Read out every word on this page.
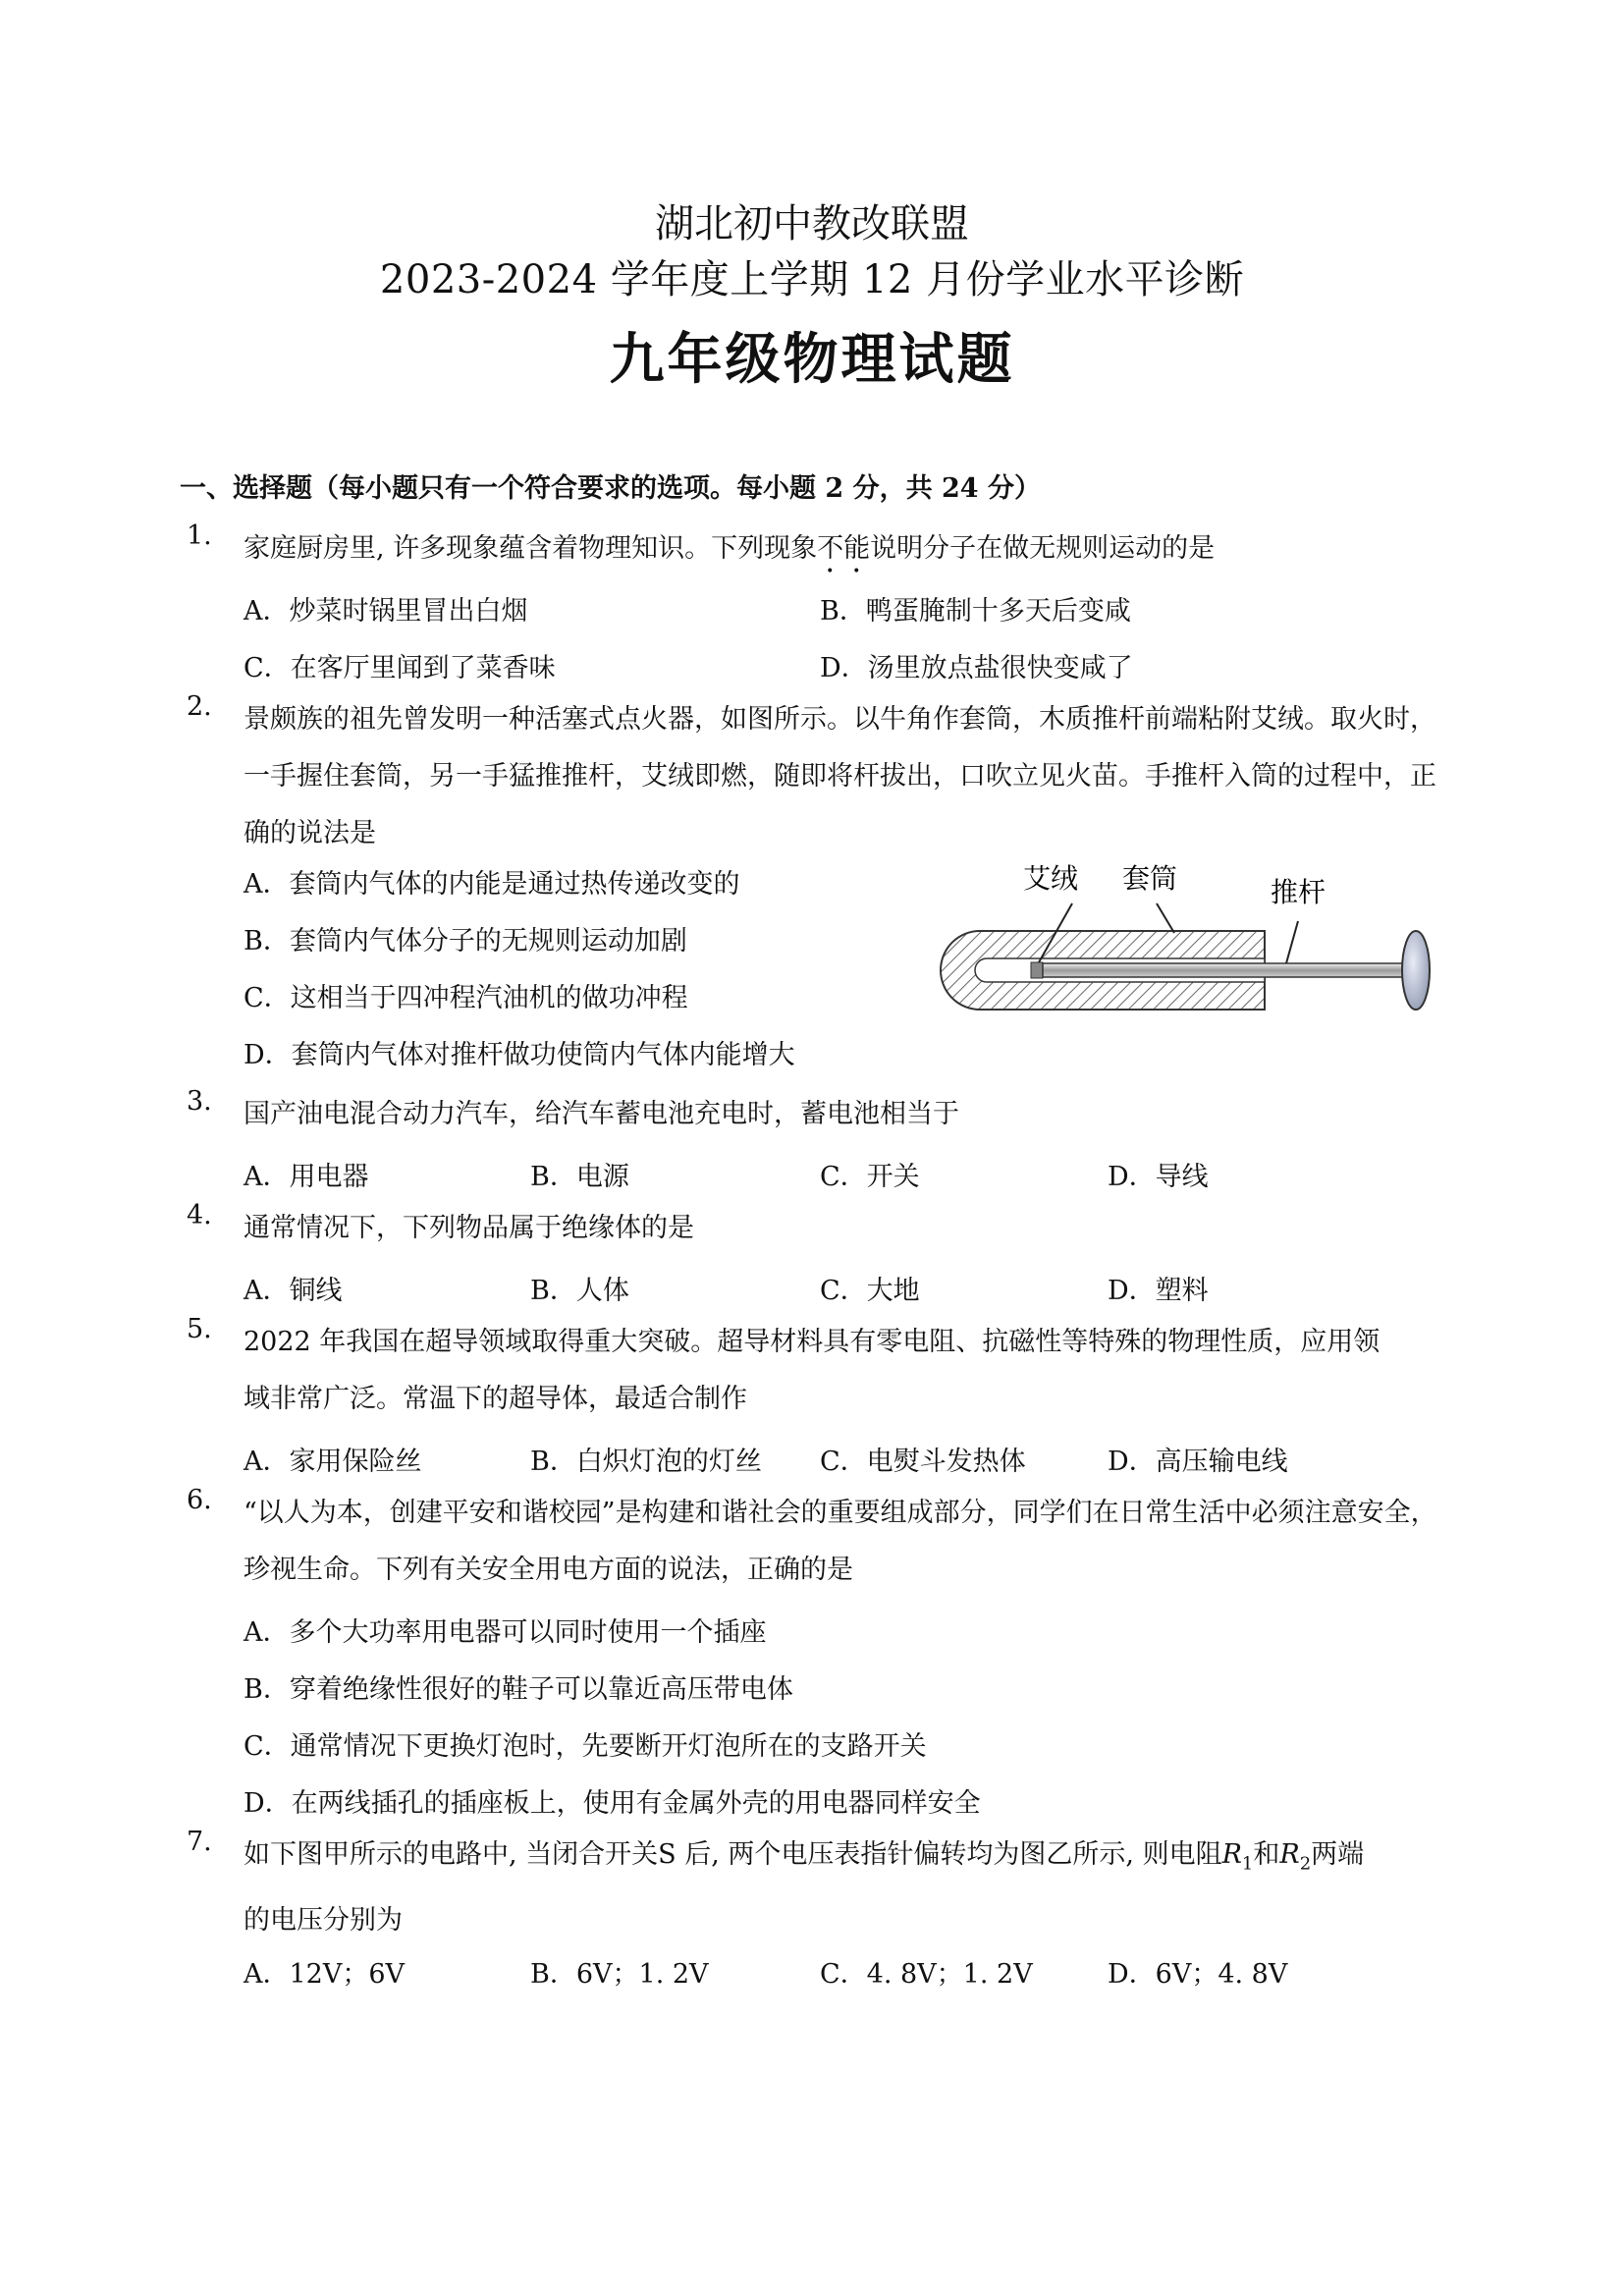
湖北初中教改联盟
2023-2024 学年度上学期 12 月份学业水平诊断
九年级物理试题
一、选择题（每小题只有一个符合要求的选项。每小题 2 分，共 24 分）
1.	家庭厨房里, 许多现象蕴含着物理知识。下列现象不能说明分子在做无规则运动的是
A．炒菜时锅里冒出白烟	B．鸭蛋腌制十多天后变咸
C．在客厅里闻到了菜香味	D．汤里放点盐很快变咸了
2.	景颇族的祖先曾发明一种活塞式点火器，如图所示。以牛角作套筒，木质推杆前端粘附艾绒。取火时，
一手握住套筒，另一手猛推推杆，艾绒即燃，随即将杆拔出，口吹立见火苗。手推杆入筒的过程中，正
确的说法是
A．套筒内气体的内能是通过热传递改变的
B．套筒内气体分子的无规则运动加剧
C．这相当于四冲程汽油机的做功冲程
D．套筒内气体对推杆做功使筒内气体内能增大
艾绒 套筒	推杆
3.	国产油电混合动力汽车，给汽车蓄电池充电时，蓄电池相当于
A．用电器	B．电源	C．开关	D．导线
4.	通常情况下，下列物品属于绝缘体的是
A．铜线	B．人体	C．大地	D．塑料
5.	2022 年我国在超导领域取得重大突破。超导材料具有零电阻、抗磁性等特殊的物理性质，应用领
域非常广泛。常温下的超导体，最适合制作
A．家用保险丝	B．白炽灯泡的灯丝 C．电熨斗发热体	D．高压输电线
6.	“以人为本，创建平安和谐校园”是构建和谐社会的重要组成部分，同学们在日常生活中必须注意安全，
珍视生命。下列有关安全用电方面的说法，正确的是
A．多个大功率用电器可以同时使用一个插座
B．穿着绝缘性很好的鞋子可以靠近高压带电体
C．通常情况下更换灯泡时，先要断开灯泡所在的支路开关
D．在两线插孔的插座板上，使用有金属外壳的用电器同样安全
7.	如下图甲所示的电路中, 当闭合开关S 后, 两个电压表指针偏转均为图乙所示, 则电阻$R_1$和$R_2$两端
的电压分别为
A．12V；6V	B．6V；1. 2V	C．4. 8V；1. 2V	D．6V；4. 8V
